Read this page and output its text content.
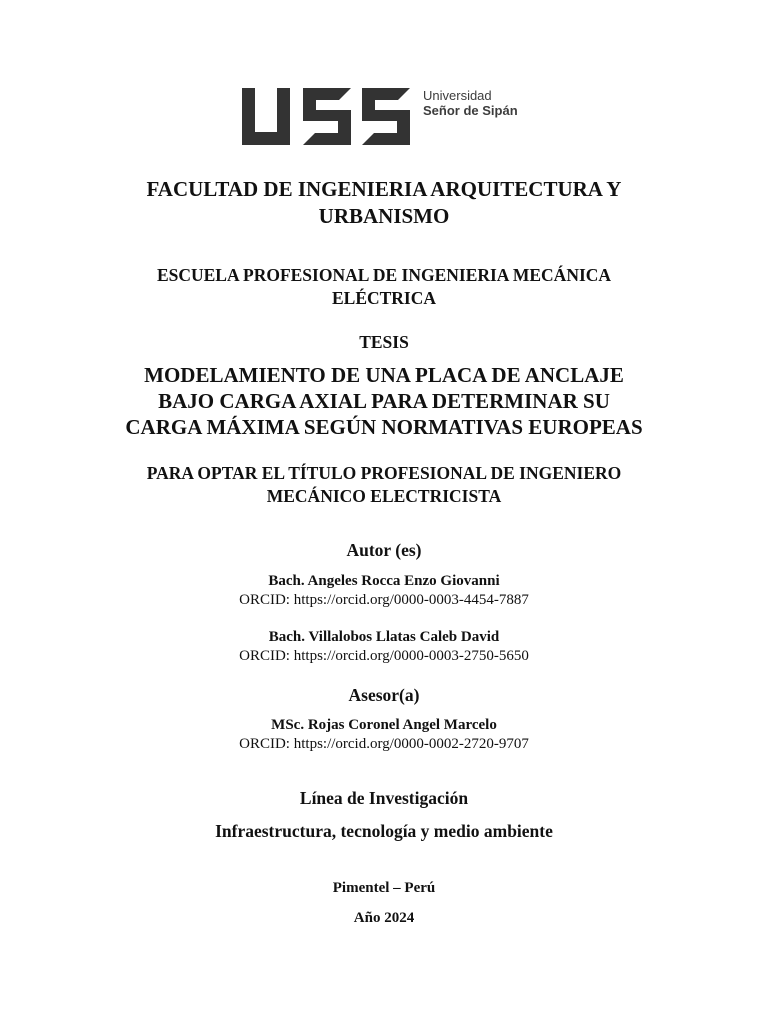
Universidad
Señor de Sipán
FACULTAD DE INGENIERIA ARQUITECTURA Y
URBANISMO
ESCUELA PROFESIONAL DE INGENIERIA MECÁNICA
ELÉCTRICA
TESIS
MODELAMIENTO DE UNA PLACA DE ANCLAJE
BAJO CARGA AXIAL PARA DETERMINAR SU
CARGA MÁXIMA SEGÚN NORMATIVAS EUROPEAS
PARA OPTAR EL TÍTULO PROFESIONAL DE INGENIERO
MECÁNICO ELECTRICISTA
Autor (es)
Bach. Angeles Rocca Enzo Giovanni
ORCID: https://orcid.org/0000-0003-4454-7887
Bach. Villalobos Llatas Caleb David
ORCID: https://orcid.org/0000-0003-2750-5650
Asesor(a)
MSc. Rojas Coronel Angel Marcelo
ORCID: https://orcid.org/0000-0002-2720-9707
Línea de Investigación
Infraestructura, tecnología y medio ambiente
Pimentel – Perú
Año 2024
